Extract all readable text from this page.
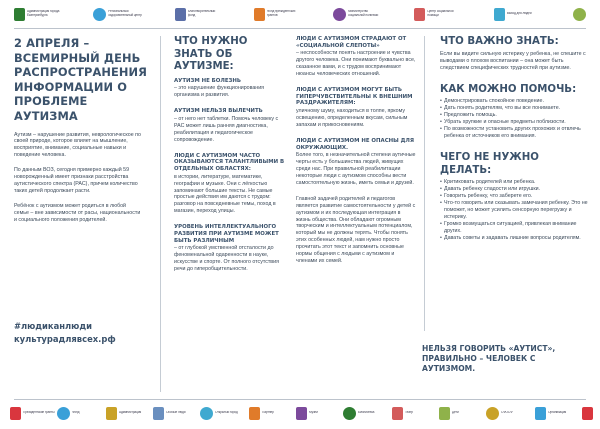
Администрация города Екатеринбурга
Региональный оздоровительный центр
Благотворительный фонд
Фонд президентских грантов
Министерство социальной политики
Центр социальной помощи	Выход для людей
2 АПРЕЛЯ – ВСЕМИРНЫЙ ДЕНЬ РАСПРОСТРАНЕНИЯ ИНФОРМАЦИИ О ПРОБЛЕМЕ АУТИЗМА
Аутизм – нарушение развития, неврологическое по своей природе, которое влияет на мышление, восприятие, внимание, социальные навыки и поведение человека.
По данным ВОЗ, сегодня примерно каждый 59 новорожденный имеет признаки расстройства аутистического спектра (РАС), причем количество таких детей продолжает расти.
Ребёнок с аутизмом может родиться в любой семье – вне зависимости от расы, национальности и социального положения родителей.
#людиканлюди
культурадлявсех.рф
ЧТО НУЖНО ЗНАТЬ ОБ АУТИЗМЕ:
АУТИЗМ НЕ БОЛЕЗНЬ
– это нарушение функционирования организма и развития.
АУТИЗМ НЕЛЬЗЯ ВЫЛЕЧИТЬ
– от него нет таблетки. Помочь человеку с РАС может лишь ранняя диагностика, реабилитация и педагогическое сопровождение.
ЛЮДИ С АУТИЗМОМ ЧАСТО ОКАЗЫВАЮТСЯ ТАЛАНТЛИВЫМИ В ОТДЕЛЬНЫХ ОБЛАСТЯХ:
в истории, литературе, математике, географии и музыке. Они с лёгкостью запоминают большие тексты. Не самые простые действия им даются с трудом: разговор на повседневные темы, поход в магазин, переход улицы.
УРОВЕНЬ ИНТЕЛЛЕКТУАЛЬНОГО РАЗВИТИЯ ПРИ АУТИЗМЕ МОЖЕТ БЫТЬ РАЗЛИЧНЫМ
– от глубокой умственной отсталости до феноменальной одаренности в науке, искусстве и спорте. От полного отсутствия речи до гиперобщительности.
ЛЮДИ С АУТИЗМОМ СТРАДАЮТ ОТ «СОЦИАЛЬНОЙ СЛЕПОТЫ»
– неспособности понять настроение и чувства другого человека. Они понимают буквально все, сказанное вами, и с трудом воспринимают нюансы человеческих отношений.
ЛЮДИ С АУТИЗМОМ МОГУТ БЫТЬ ГИПЕРЧУВСТВИТЕЛЬНЫ К ВНЕШНИМ РАЗДРАЖИТЕЛЯМ:
уличному шуму, находиться в толпе, яркому освещению, определенным вкусам, сильным запахам и прикосновениям.
ЛЮДИ С АУТИЗМОМ НЕ ОПАСНЫ ДЛЯ ОКРУЖАЮЩИХ.
Более того, в незначительной степени аутичные черты есть у большинства людей, живущих среди нас. При правильной реабилитации некоторые люди с аутизмом способны вести самостоятельную жизнь, иметь семьи и друзей.
Главной задачей родителей и педагогов является развитие самостоятельности у детей с аутизмом и их последующая интеграция в жизнь общества. Они обладают огромным творческим и интеллектуальным потенциалом, который мы не должны терять. Чтобы понять этих особенных людей, нам нужно просто прочитать этот текст и запомнить основные нормы общения с людьми с аутизмом и членами их семей.
ЧТО ВАЖНО ЗНАТЬ:
Если вы видите сильную истерику у ребенка, не спешите с выводами о плохом воспитании – она может быть следствием специфических трудностей при аутизме.
КАК МОЖНО ПОМОЧЬ:
• Демонстрировать спокойное поведение.
• Дать понять родителям, что вы все понимаете.
• Предложить помощь.
• Убрать хрупкие и опасные предметы поблизости.
• По возможности установить других прохожих и отвлечь ребенка от источников его внимания.
ЧЕГО НЕ НУЖНО ДЕЛАТЬ:
• Критиковать родителей или ребенка.
• Давать ребенку сладости или игрушки.
• Говорить ребенку, что заберете его.
• Что-то говорить или сказывать замечания ребенку. Это не поможет, но может усилить сенсорную перегрузку и истерику.
• Громко возмущаться ситуацией, привлекая внимание других.
• Давать советы и задавать лишние вопросы родителям.
НЕЛЬЗЯ ГОВОРИТЬ «АУТИСТ», ПРАВИЛЬНО – ЧЕЛОВЕК С АУТИЗМОМ.
Президентские гранты	Фонд	Администрация	Особые люди	Открытый город	Партнёр	Музей	Библиотека	Театр	Дети	СФОСФ	Организация
